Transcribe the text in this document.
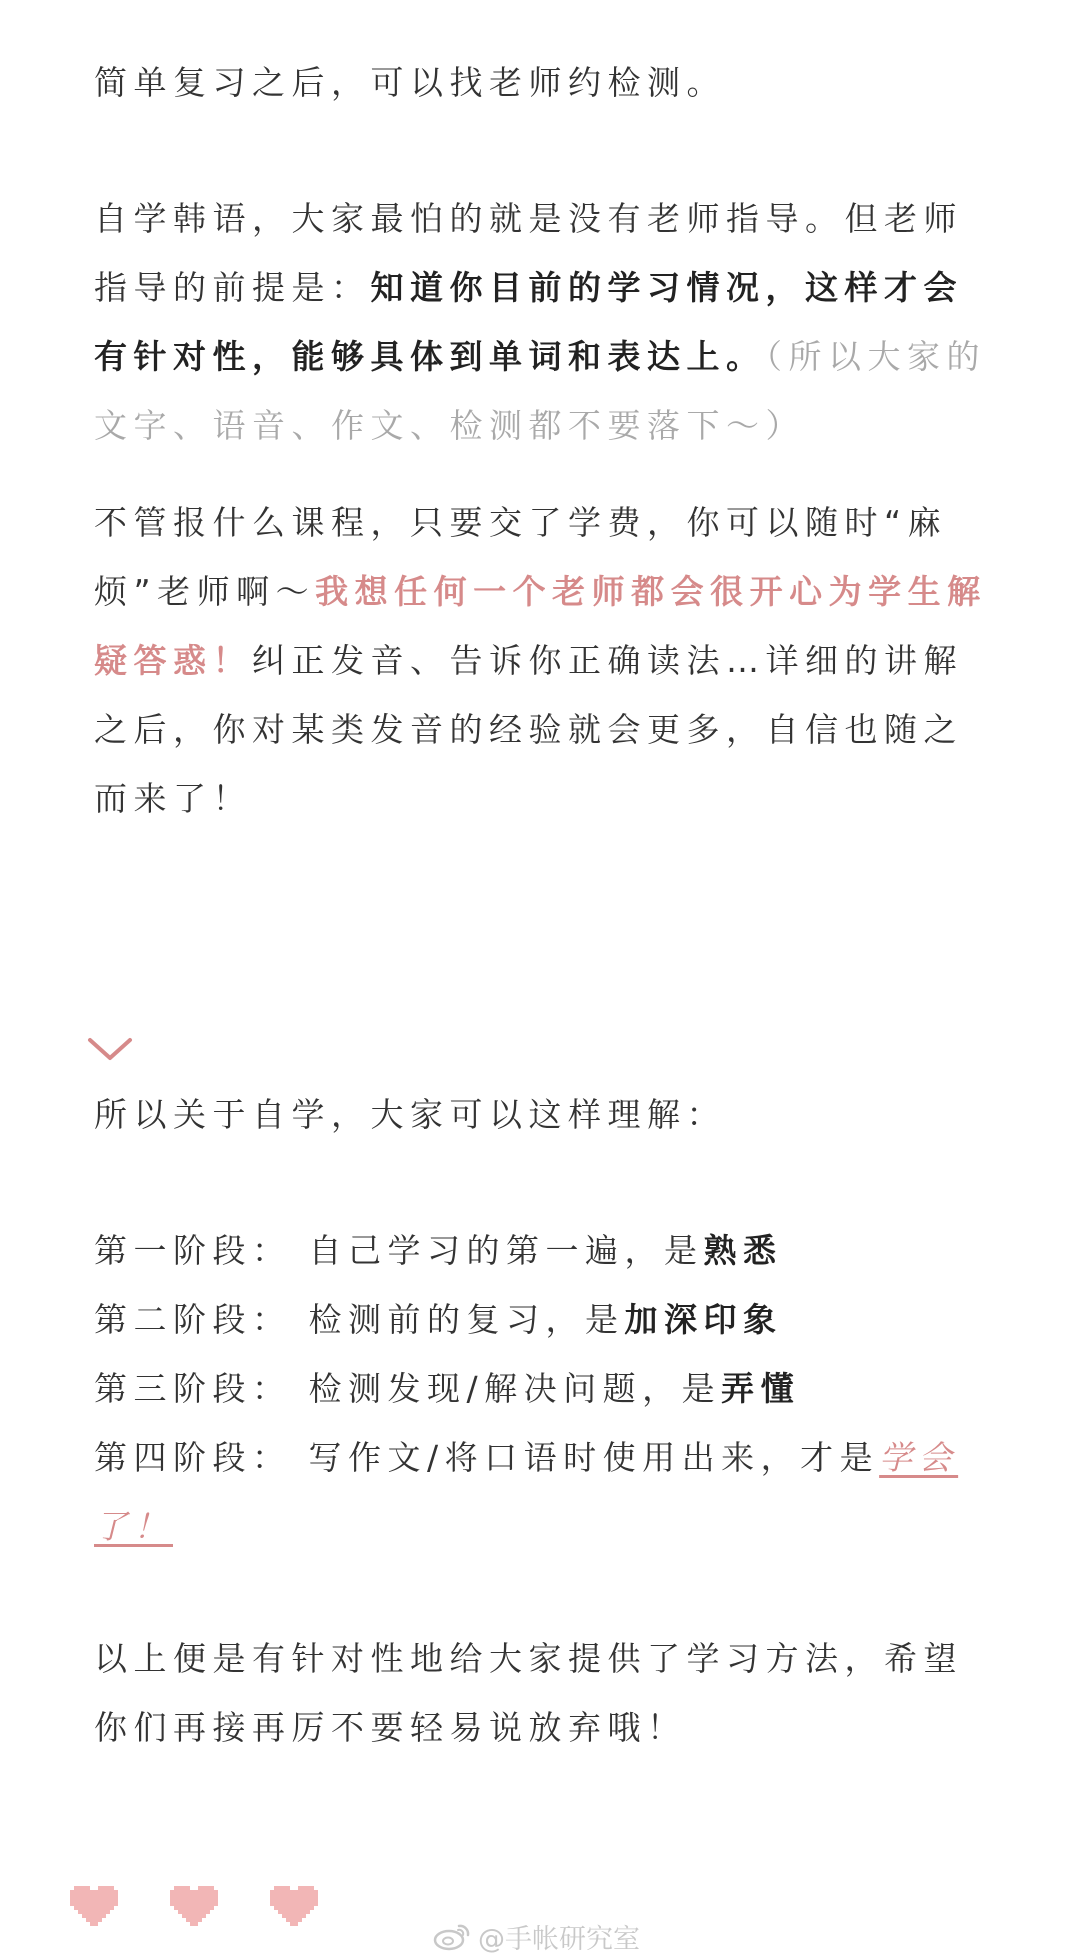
简单复习之后，可以找老师约检测。

自学韩语，大家最怕的就是没有老师指导。但老师指导的前提是：知道你目前的学习情况，这样才会有针对性，能够具体到单词和表达上。（所以大家的文字、语音、作文、检测都不要落下～）

不管报什么课程，只要交了学费，你可以随时“麻烦”老师啊～我想任何一个老师都会很开心为学生解疑答惑！纠正发音、告诉你正确读法…详细的讲解之后，你对某类发音的经验就会更多，自信也随之而来了！

所以关于自学，大家可以这样理解：

第一阶段： 自己学习的第一遍，是熟悉
第二阶段： 检测前的复习，是加深印象
第三阶段： 检测发现/解决问题，是弄懂
第四阶段： 写作文/将口语时使用出来，才是学会了！

以上便是有针对性地给大家提供了学习方法，希望你们再接再厉不要轻易说放弃哦！

@手帐研究室
